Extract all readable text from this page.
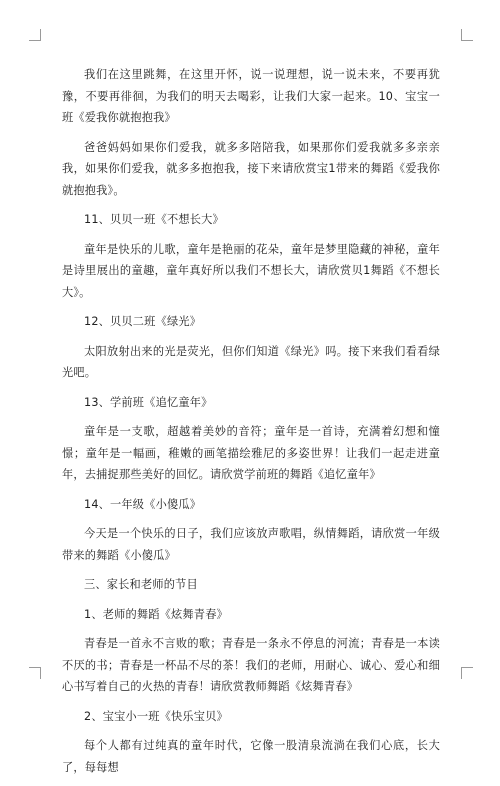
我们在这里跳舞，在这里开怀，说一说理想，说一说未来，不要再犹豫，不要再徘徊，为我们的明天去喝彩，让我们大家一起来。10、宝宝一班《爱我你就抱抱我》

爸爸妈妈如果你们爱我，就多多陪陪我，如果那你们爱我就多多亲亲我，如果你们爱我，就多多抱抱我，接下来请欣赏宝1带来的舞蹈《爱我你就抱抱我》。

11、贝贝一班《不想长大》

童年是快乐的儿歌，童年是艳丽的花朵，童年是梦里隐藏的神秘，童年是诗里展出的童趣，童年真好所以我们不想长大，请欣赏贝1舞蹈《不想长大》。

12、贝贝二班《绿光》

太阳放射出来的光是荧光，但你们知道《绿光》吗。接下来我们看看绿光吧。

13、学前班《追忆童年》

童年是一支歌，超越着美妙的音符；童年是一首诗，充满着幻想和憧憬；童年是一幅画，稚嫩的画笔描绘雅尼的多姿世界！让我们一起走进童年，去捕捉那些美好的回忆。请欣赏学前班的舞蹈《追忆童年》

14、一年级《小傻瓜》

今天是一个快乐的日子，我们应该放声歌唱，纵情舞蹈，请欣赏一年级带来的舞蹈《小傻瓜》

三、家长和老师的节目

1、老师的舞蹈《炫舞青春》

青春是一首永不言败的歌；青春是一条永不停息的河流；青春是一本读不厌的书；青春是一杯品不尽的茶！我们的老师，用耐心、诚心、爱心和细心书写着自己的火热的青春！请欣赏教师舞蹈《炫舞青春》

2、宝宝小一班《快乐宝贝》

每个人都有过纯真的童年时代，它像一股清泉流淌在我们心底，长大了，每每想
